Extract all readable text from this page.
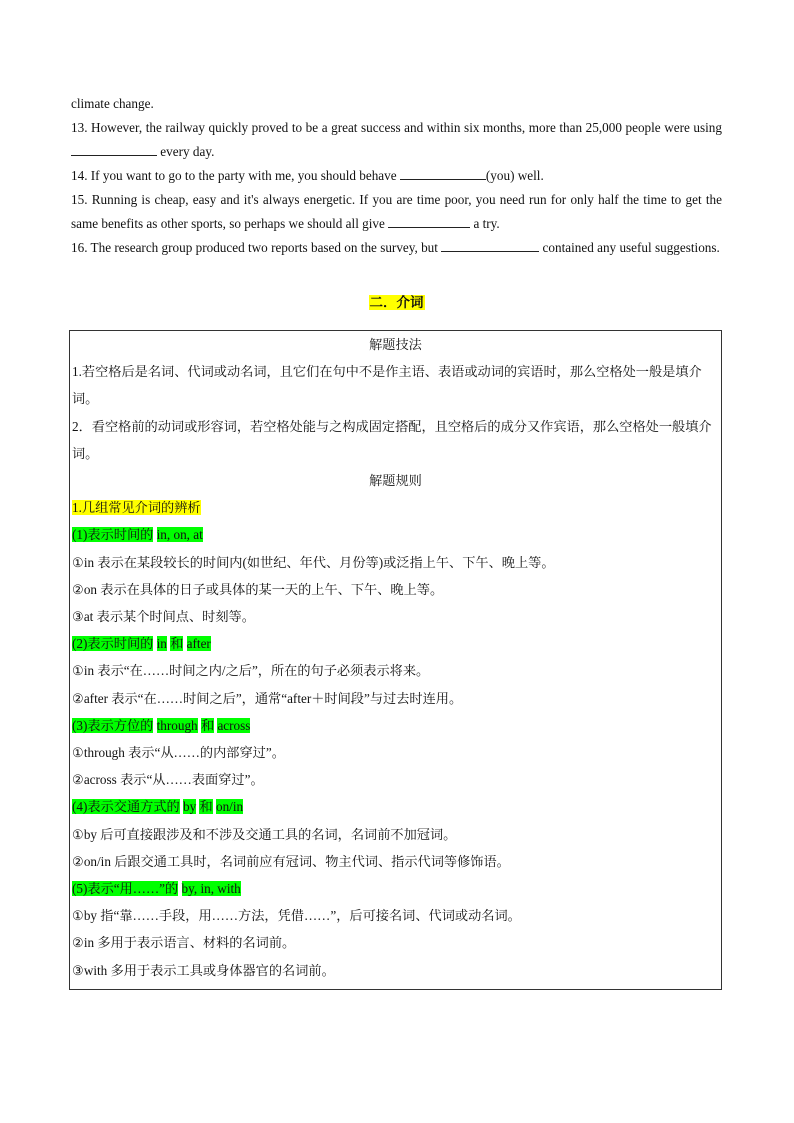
climate change.

13. However, the railway quickly proved to be a great success and within six months, more than 25,000 people were using  every day.

14. If you want to go to the party with me, you should behave	(you) well.

15. Running is cheap, easy and it's always energetic. If you are time poor, you need run for only half the time to get the same benefits as other sports, so perhaps we should all give	a try.

16. The research group produced two reports based on the survey, but	contained any useful suggestions.

二．介词

解题技法

1.若空格后是名词、代词或动名词，且它们在句中不是作主语、表语或动词的宾语时，那么空格处一般是填介词。

2．看空格前的动词或形容词，若空格处能与之构成固定搭配，且空格后的成分又作宾语，那么空格处一般填介词。

解题规则

1.几组常见介词的辨析

(1)表示时间的 in, on, at

①in 表示在某段较长的时间内(如世纪、年代、月份等)或泛指上午、下午、晚上等。

②on 表示在具体的日子或具体的某一天的上午、下午、晚上等。

③at 表示某个时间点、时刻等。

(2)表示时间的 in 和 after

①in 表示“在……时间之内/之后”，所在的句子必须表示将来。

②after 表示“在……时间之后”，通常“after＋时间段”与过去时连用。

(3)表示方位的 through 和 across

①through 表示“从……的内部穿过”。

②across 表示“从……表面穿过”。

(4)表示交通方式的 by 和 on/in

①by 后可直接跟涉及和不涉及交通工具的名词，名词前不加冠词。

②on/in 后跟交通工具时，名词前应有冠词、物主代词、指示代词等修饰语。

(5)表示“用……”的 by, in, with

①by 指“靠……手段，用……方法，凭借……”，后可接名词、代词或动名词。

②in 多用于表示语言、材料的名词前。

③with 多用于表示工具或身体器官的名词前。
